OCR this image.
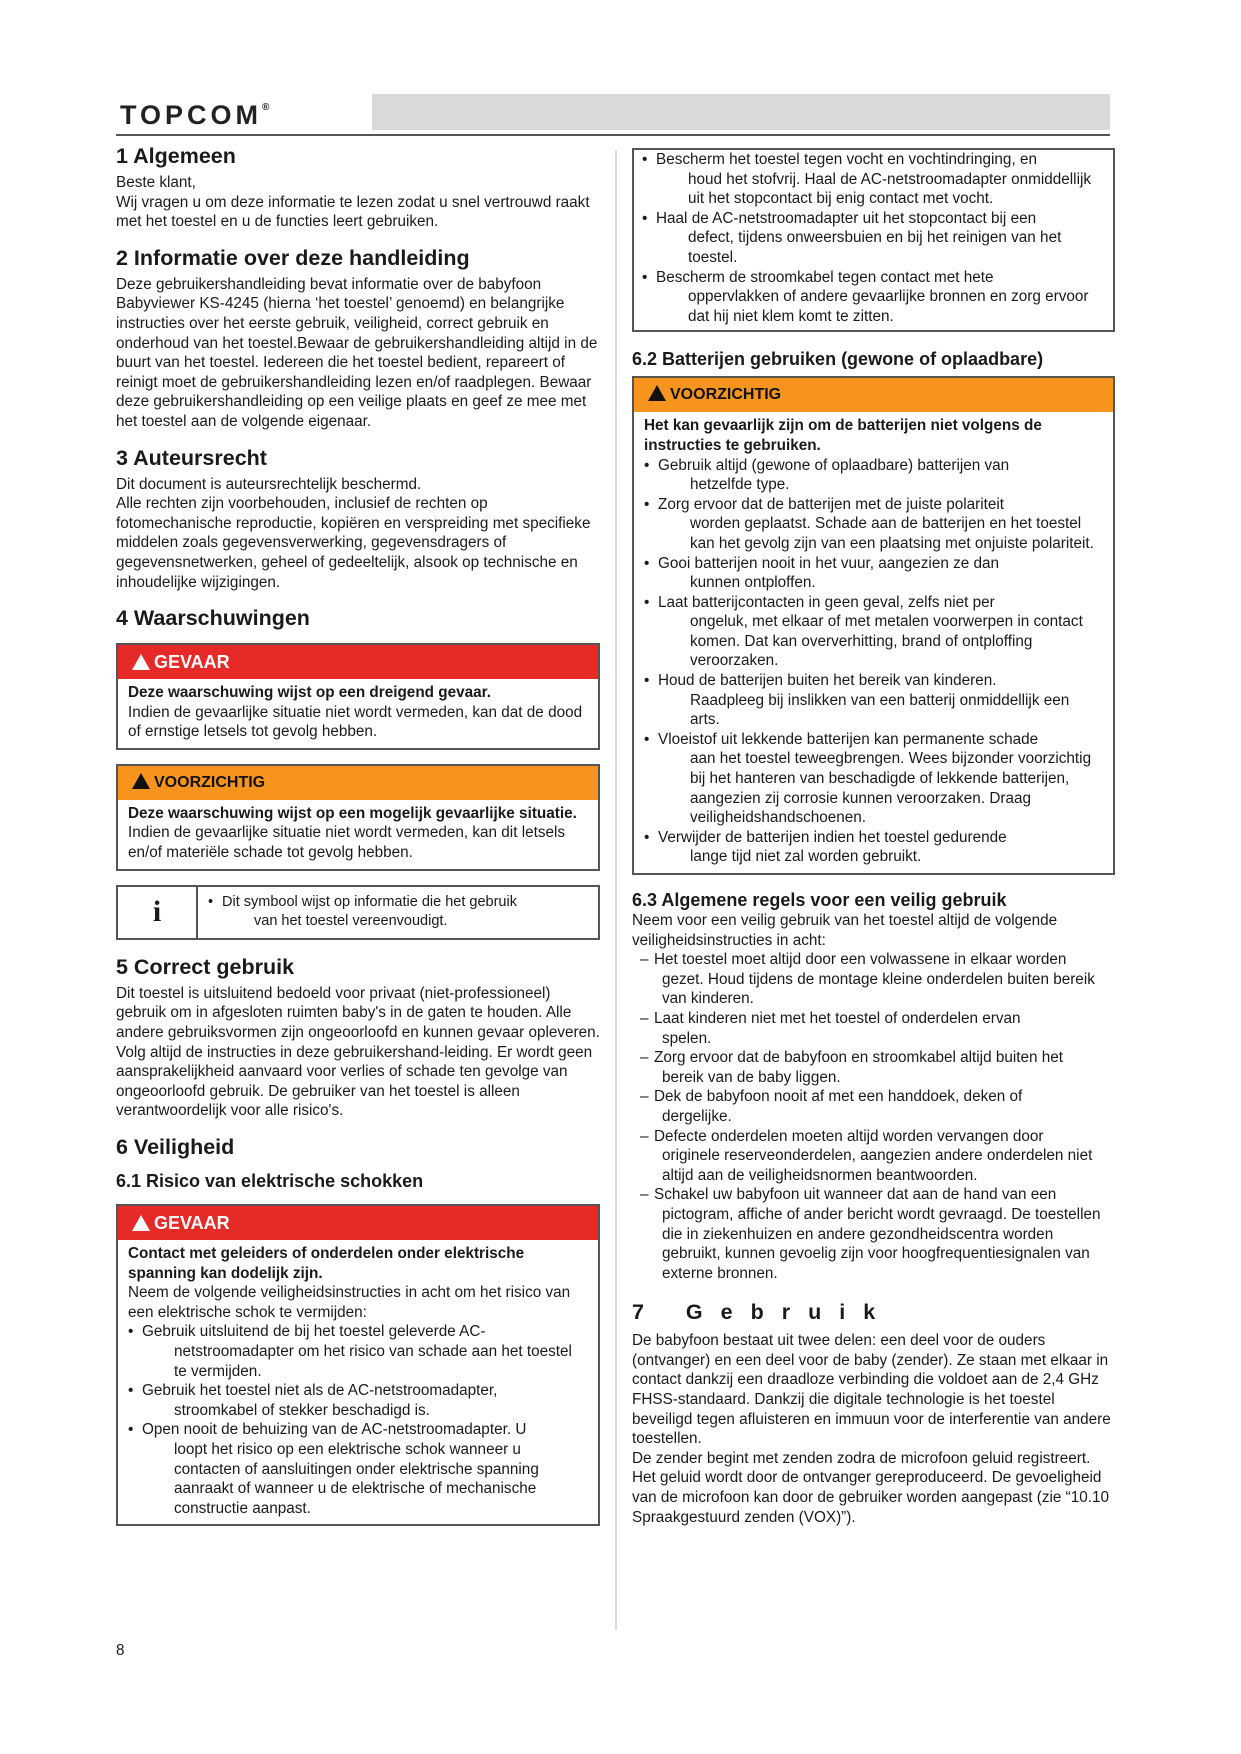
TOPCOM®
1 Algemeen

Beste klant,

Wij vragen u om deze informatie te lezen zodat u snel vertrouwd raakt met het toestel en u de functies leert gebruiken.

2 Informatie over deze handleiding

Deze gebruikershandleiding bevat informatie over de babyfoon Babyviewer KS-4245 (hierna ‘het toestel’ genoemd) en belangrijke instructies over het eerste gebruik, veiligheid, correct gebruik en onderhoud van het toestel.Bewaar de gebruikershandleiding altijd in de buurt van het toestel. Iedereen die het toestel bedient, repareert of reinigt moet de gebruikershandleiding lezen en/of raadplegen. Bewaar deze gebruikershandleiding op een veilige plaats en geef ze mee met het toestel aan de volgende eigenaar.

3 Auteursrecht

Dit document is auteursrechtelijk beschermd.

Alle rechten zijn voorbehouden, inclusief de rechten op fotomechanische reproductie, kopiëren en verspreiding met specifieke middelen zoals gegevensverwerking, gegevensdragers of gegevensnetwerken, geheel of gedeeltelijk, alsook op technische en inhoudelijke wijzigingen.

4 Waarschuwingen
GEVAAR

Deze waarschuwing wijst op een dreigend gevaar.

Indien de gevaarlijke situatie niet wordt vermeden, kan dat de dood of ernstige letsels tot gevolg hebben.

VOORZICHTIG

Deze waarschuwing wijst op een mogelijk gevaarlijke situatie.

Indien de gevaarlijke situatie niet wordt vermeden, kan dit letsels en/of materiële schade tot gevolg hebben.

i
•	Dit symbool wijst op informatie die het gebruik
van het toestel vereenvoudigt.
5 Correct gebruik

Dit toestel is uitsluitend bedoeld voor privaat (niet-professioneel) gebruik om in afgesloten ruimten baby's in de gaten te houden. Alle andere gebruiksvormen zijn ongeoorloofd en kunnen gevaar opleveren. Volg altijd de instructies in deze gebruikershand-leiding. Er wordt geen aansprakelijkheid aanvaard voor verlies of schade ten gevolge van ongeoorloofd gebruik. De gebruiker van het toestel is alleen verantwoordelijk voor alle risico's.

6 Veiligheid
6.1 Risico van elektrische schokken
GEVAAR

Contact met geleiders of onderdelen onder elektrische spanning kan dodelijk zijn.

Neem de volgende veiligheidsinstructies in acht om het risico van een elektrische schok te vermijden:

• Gebruik uitsluitend de bij het toestel geleverde AC-
netstroomadapter om het risico van schade aan het toestel te vermijden.
• Gebruik het toestel niet als de AC-netstroomadapter,
stroomkabel of stekker beschadigd is.
• Open nooit de behuizing van de AC-netstroomadapter. U
loopt het risico op een elektrische schok wanneer u contacten of aansluitingen onder elektrische spanning aanraakt of wanneer u de elektrische of mechanische constructie aanpast.
• Bescherm het toestel tegen vocht en vochtindringing, en
houd het stofvrij. Haal de AC-netstroomadapter onmiddellijk uit het stopcontact bij enig contact met vocht.
• Haal de AC-netstroomadapter uit het stopcontact bij een
defect, tijdens onweersbuien en bij het reinigen van het toestel.
• Bescherm de stroomkabel tegen contact met hete
oppervlakken of andere gevaarlijke bronnen en zorg ervoor dat hij niet klem komt te zitten.
6.2 Batterijen gebruiken (gewone of oplaadbare)
VOORZICHTIG

Het kan gevaarlijk zijn om de batterijen niet volgens de instructies te gebruiken.

• Gebruik altijd (gewone of oplaadbare) batterijen van
hetzelfde type.
• Zorg ervoor dat de batterijen met de juiste polariteit
worden geplaatst. Schade aan de batterijen en het toestel kan het gevolg zijn van een plaatsing met onjuiste polariteit.
• Gooi batterijen nooit in het vuur, aangezien ze dan
kunnen ontploffen.
• Laat batterijcontacten in geen geval, zelfs niet per
ongeluk, met elkaar of met metalen voorwerpen in contact komen. Dat kan oververhitting, brand of ontploffing veroorzaken.
• Houd de batterijen buiten het bereik van kinderen.
Raadpleeg bij inslikken van een batterij onmiddellijk een arts.
• Vloeistof uit lekkende batterijen kan permanente schade
aan het toestel teweegbrengen. Wees bijzonder voorzichtig bij het hanteren van beschadigde of lekkende batterijen, aangezien zij corrosie kunnen veroorzaken. Draag veiligheidshandschoenen.
• Verwijder de batterijen indien het toestel gedurende
lange tijd niet zal worden gebruikt.
6.3 Algemene regels voor een veilig gebruik

Neem voor een veilig gebruik van het toestel altijd de volgende veiligheidsinstructies in acht:

– Het toestel moet altijd door een volwassene in elkaar worden
gezet. Houd tijdens de montage kleine onderdelen buiten bereik van kinderen.
– Laat kinderen niet met het toestel of onderdelen ervan
spelen.
– Zorg ervoor dat de babyfoon en stroomkabel altijd buiten het
bereik van de baby liggen.
– Dek de babyfoon nooit af met een handdoek, deken of
dergelijke.
– Defecte onderdelen moeten altijd worden vervangen door
originele reserveonderdelen, aangezien andere onderdelen niet altijd aan de veiligheidsnormen beantwoorden.
– Schakel uw babyfoon uit wanneer dat aan de hand van een
pictogram, affiche of ander bericht wordt gevraagd. De toestellen die in ziekenhuizen en andere gezondheidscentra worden gebruikt, kunnen gevoelig zijn voor hoogfrequentiesignalen van externe bronnen.
7 Gebruik

De babyfoon bestaat uit twee delen: een deel voor de ouders (ontvanger) en een deel voor de baby (zender). Ze staan met elkaar in contact dankzij een draadloze verbinding die voldoet aan de 2,4 GHz FHSS-standaard. Dankzij die digitale technologie is het toestel beveiligd tegen afluisteren en immuun voor de interferentie van andere toestellen.

De zender begint met zenden zodra de microfoon geluid registreert. Het geluid wordt door de ontvanger gereproduceerd. De gevoeligheid van de microfoon kan door de gebruiker worden aangepast (zie “10.10 Spraakgestuurd zenden (VOX)”).

8
